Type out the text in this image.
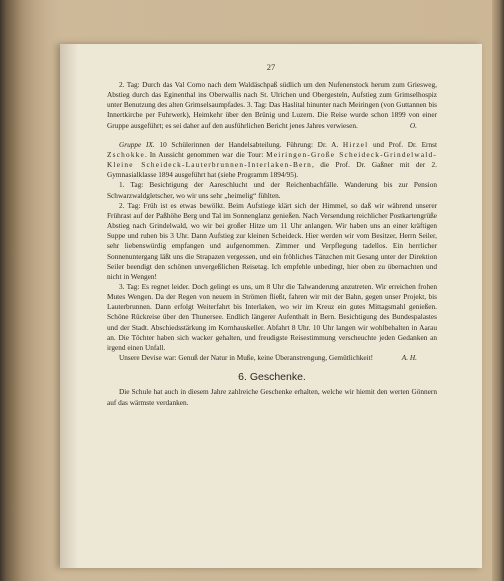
27

2. Tag: Durch das Val Corno nach dem Waldäschpaß südlich um den Nufenenstock herum zum Griesweg, Abstieg durch das Eginenthal ins Oberwallis nach St. Ulrichen und Obergesteln, Aufstieg zum Grimselhospiz unter Benutzung des alten Grimselsaumpfades. 3. Tag: Das Haslital hinunter nach Meiringen (von Guttannen bis Innertkirche per Fuhrwerk), Heimkehr über den Brünig und Luzern. Die Reise wurde schon 1899 von einer Gruppe ausgeführt; es sei daher auf den ausführlichen Bericht jenes Jahres verwiesen.	O.

Gruppe IX. 10 Schülerinnen der Handelsabteilung. Führung: Dr. A. Hirzel und Prof. Dr. Ernst Zschokke. In Aussicht genommen war die Tour: Meiringen-Große Scheideck-Grindelwald-Kleine Scheideck-Lauterbrunnen-Interlaken-Bern, die Prof. Dr. Gaßner mit der 2. Gymnasialklasse 1894 ausgeführt hat (siehe Programm 1894/95).

1. Tag: Besichtigung der Aareschlucht und der Reichenbachfälle. Wanderung bis zur Pension Schwarzwaldgletscher, wo wir uns sehr „heimelig“ fühlten.

2. Tag: Früh ist es etwas bewölkt. Beim Aufstiege klärt sich der Himmel, so daß wir während unserer Frührast auf der Paßhöhe Berg und Tal im Sonnenglanz genießen. Nach Versendung reichlicher Postkartengrüße Abstieg nach Grindelwald, wo wir bei großer Hitze um 11 Uhr anlangen. Wir haben uns an einer kräftigen Suppe und ruhen bis 3 Uhr. Dann Aufstieg zur kleinen Scheideck. Hier werden wir vom Besitzer, Herrn Seiler, sehr liebenswürdig empfangen und aufgenommen. Zimmer und Verpflegung tadellos. Ein herrlicher Sonnenuntergang läßt uns die Strapazen vergessen, und ein fröhliches Tänzchen mit Gesang unter der Direktion Seiler beendigt den schönen unvergeßlichen Reisetag. Ich empfehle unbedingt, hier oben zu übernachten und nicht in Wengen!

3. Tag: Es regnet leider. Doch gelingt es uns, um 8 Uhr die Talwanderung anzutreten. Wir erreichen frohen Mutes Wengen. Da der Regen von neuem in Strömen fließt, fahren wir mit der Bahn, gegen unser Projekt, bis Lauterbrunnen. Dann erfolgt Weiterfahrt bis Interlaken, wo wir im Kreuz ein gutes Mittagsmahl genießen. Schöne Rückreise über den Thunersee. Endlich längerer Aufenthalt in Bern. Besichtigung des Bundespalastes und der Stadt. Abschiedsstärkung im Kornhauskeller. Abfahrt 8 Uhr. 10 Uhr langen wir wohlbehalten in Aarau an. Die Töchter haben sich wacker gehalten, und freudigste Reisestimmung verscheuchte jeden Gedanken an irgend einen Unfall.

Unsere Devise war: Genuß der Natur in Muße, keine Überanstrengung, Gemütlichkeit!	A. H.

6. Geschenke.

Die Schule hat auch in diesem Jahre zahlreiche Geschenke erhalten, welche wir hiemit den werten Gönnern auf das wärmste verdanken.
